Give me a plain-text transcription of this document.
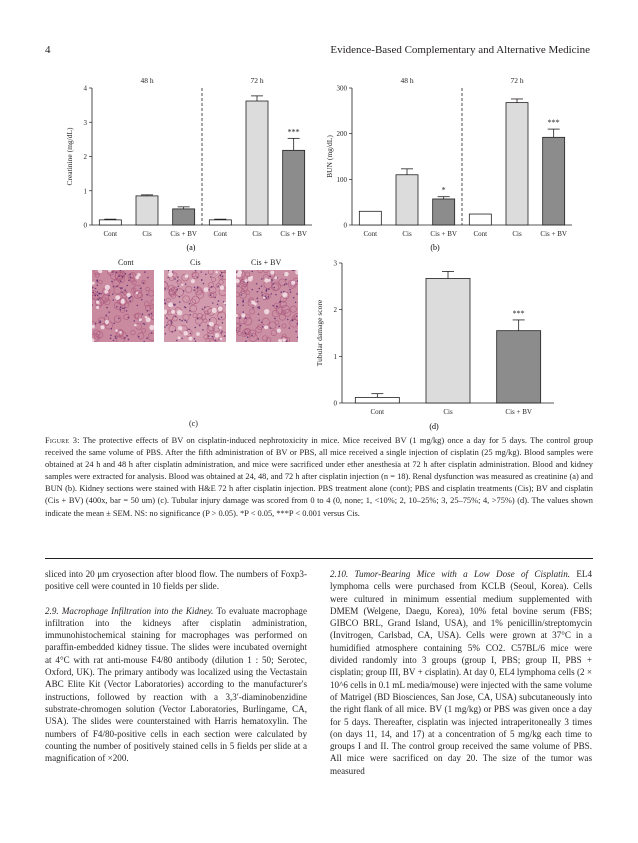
4	Evidence-Based Complementary and Alternative Medicine
0
1
2
3
4
Creatinine (mg/dL)
Cont	Cis	Cis + BV Cont	Cis
***
Cis + BV
48 h	72 h
(a)
0
100
200
300
BUN (mg/dL)
Cont	Cis
*
Cis + BV Cont	Cis
***
Cis + BV
48 h	72 h
(b)
Cont	Cis	Cis + BV
(c)
0
1
2
3
Tubular damage score
Cont	Cis
***
Cis + BV
(d)
Figure 3: The protective effects of BV on cisplatin-induced nephrotoxicity in mice. Mice received BV (1 mg/kg) once a day for 5 days. The control group received the same volume of PBS. After the fifth administration of BV or PBS, all mice received a single injection of cisplatin (25 mg/kg). Blood samples were obtained at 24 h and 48 h after cisplatin administration, and mice were sacrificed under ether anesthesia at 72 h after cisplatin administration. Blood and kidney samples were extracted for analysis. Blood was obtained at 24, 48, and 72 h after cisplatin injection (n = 18). Renal dysfunction was measured as creatinine (a) and BUN (b). Kidney sections were stained with H&E 72 h after cisplatin injection. PBS treatment alone (cont); PBS and cisplatin treatments (Cis); BV and cisplatin (Cis + BV) (400x, bar = 50 um) (c). Tubular injury damage was scored from 0 to 4 (0, none; 1, <10%; 2, 10–25%; 3, 25–75%; 4, >75%) (d). The values shown indicate the mean ± SEM. NS: no significance (P > 0.05). *P < 0.05, ***P < 0.001 versus Cis.

sliced into 20 μm cryosection after blood flow. The numbers of Foxp3-positive cell were counted in 10 fields per slide.

2.9. Macrophage Infiltration into the Kidney. To evaluate macrophage infiltration into the kidneys after cisplatin administration, immunohistochemical staining for macrophages was performed on paraffin-embedded kidney tissue. The slides were incubated overnight at 4°C with rat anti-mouse F4/80 antibody (dilution 1 : 50; Serotec, Oxford, UK). The primary antibody was localized using the Vectastain ABC Elite Kit (Vector Laboratories) according to the manufacturer's instructions, followed by reaction with a 3,3′-diaminobenzidine substrate-chromogen solution (Vector Laboratories, Burlingame, CA, USA). The slides were counterstained with Harris hematoxylin. The numbers of F4/80-positive cells in each section were calculated by counting the number of positively stained cells in 5 fields per slide at a magnification of ×200.

2.10. Tumor-Bearing Mice with a Low Dose of Cisplatin. EL4 lymphoma cells were purchased from KCLB (Seoul, Korea). Cells were cultured in minimum essential medium supplemented with DMEM (Welgene, Daegu, Korea), 10% fetal bovine serum (FBS; GIBCO BRL, Grand Island, USA), and 1% penicillin/streptomycin (Invitrogen, Carlsbad, CA, USA). Cells were grown at 37°C in a humidified atmosphere containing 5% CO2. C57BL/6 mice were divided randomly into 3 groups (group I, PBS; group II, PBS + cisplatin; group III, BV + cisplatin). At day 0, EL4 lymphoma cells (2 × 10^6 cells in 0.1 mL media/mouse) were injected with the same volume of Matrigel (BD Biosciences, San Jose, CA, USA) subcutaneously into the right flank of all mice. BV (1 mg/kg) or PBS was given once a day for 5 days. Thereafter, cisplatin was injected intraperitoneally 3 times (on days 11, 14, and 17) at a concentration of 5 mg/kg each time to groups I and II. The control group received the same volume of PBS. All mice were sacrificed on day 20. The size of the tumor was measured
